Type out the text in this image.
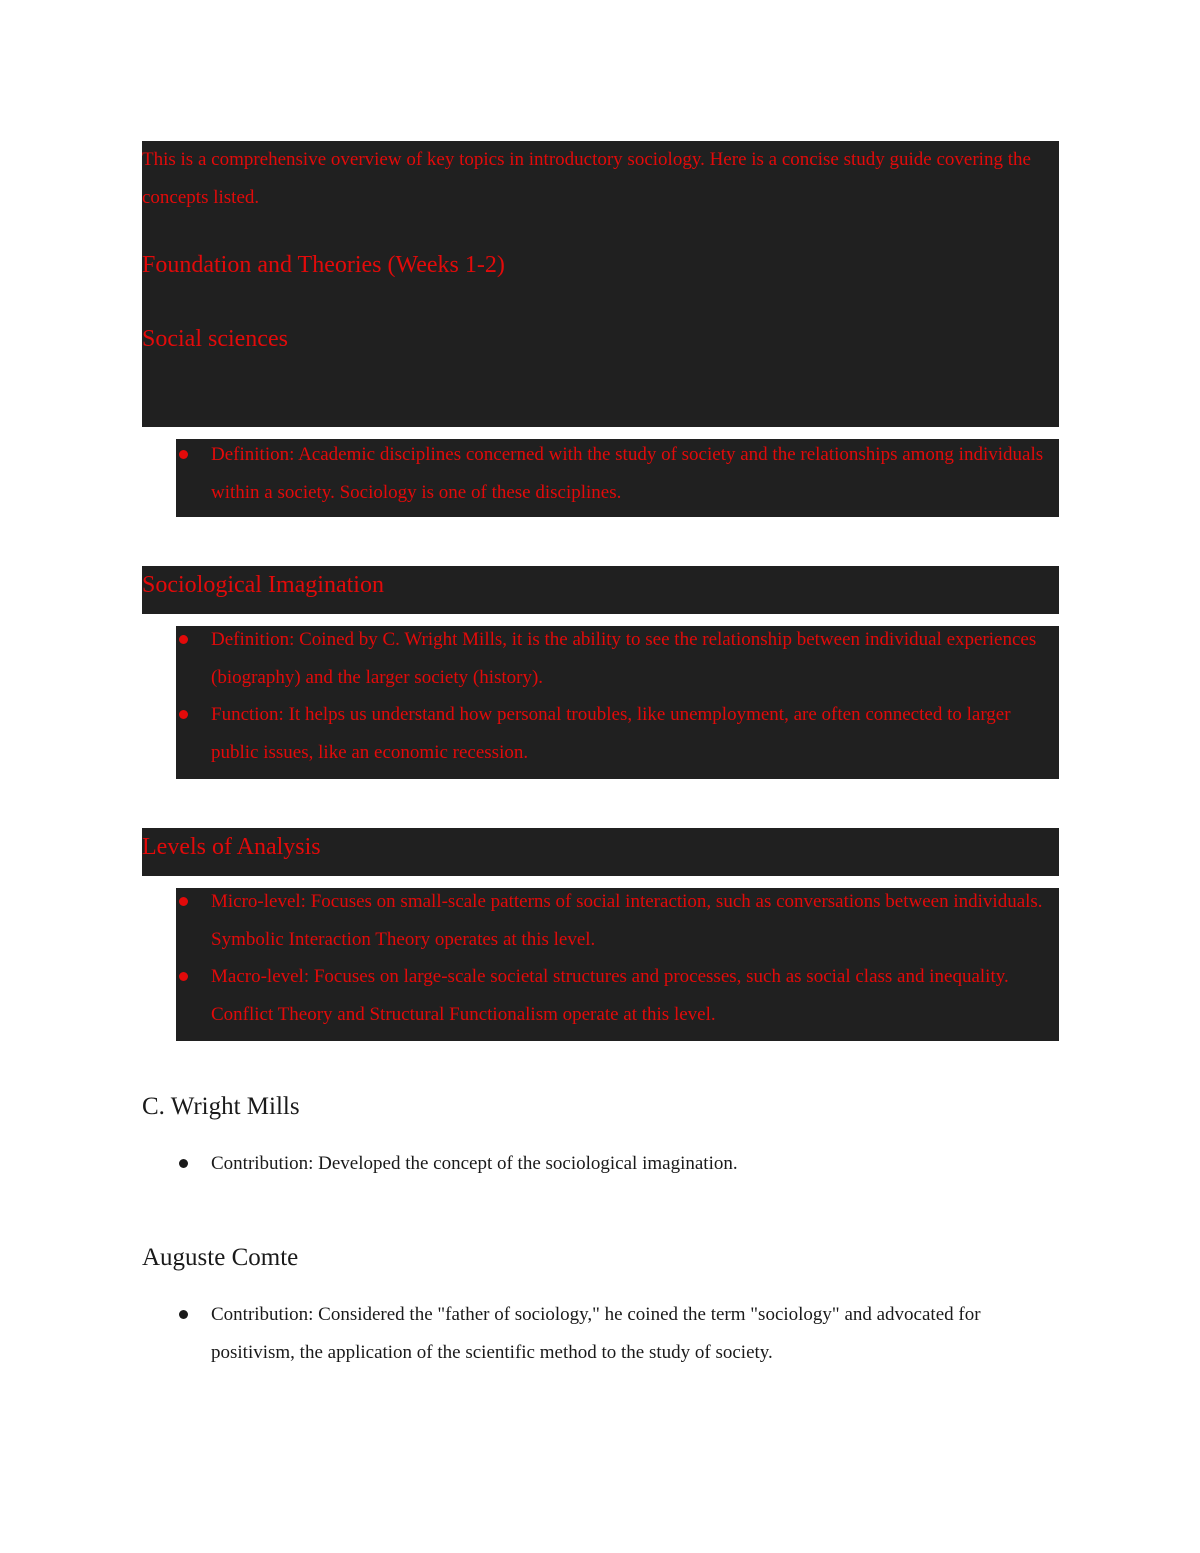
This is a comprehensive overview of key topics in introductory sociology. Here is a concise study guide covering the concepts listed.

Foundation and Theories (Weeks 1-2)

Social sciences

Definition: Academic disciplines concerned with the study of society and the relationships among individuals within a society. Sociology is one of these disciplines.

Sociological Imagination

Definition: Coined by C. Wright Mills, it is the ability to see the relationship between individual experiences (biography) and the larger society (history).
Function: It helps us understand how personal troubles, like unemployment, are often connected to larger public issues, like an economic recession.

Levels of Analysis

Micro-level: Focuses on small-scale patterns of social interaction, such as conversations between individuals. Symbolic Interaction Theory operates at this level.
Macro-level: Focuses on large-scale societal structures and processes, such as social class and inequality. Conflict Theory and Structural Functionalism operate at this level.

C. Wright Mills

Contribution: Developed the concept of the sociological imagination.

Auguste Comte

Contribution: Considered the "father of sociology," he coined the term "sociology" and advocated for positivism, the application of the scientific method to the study of society.
